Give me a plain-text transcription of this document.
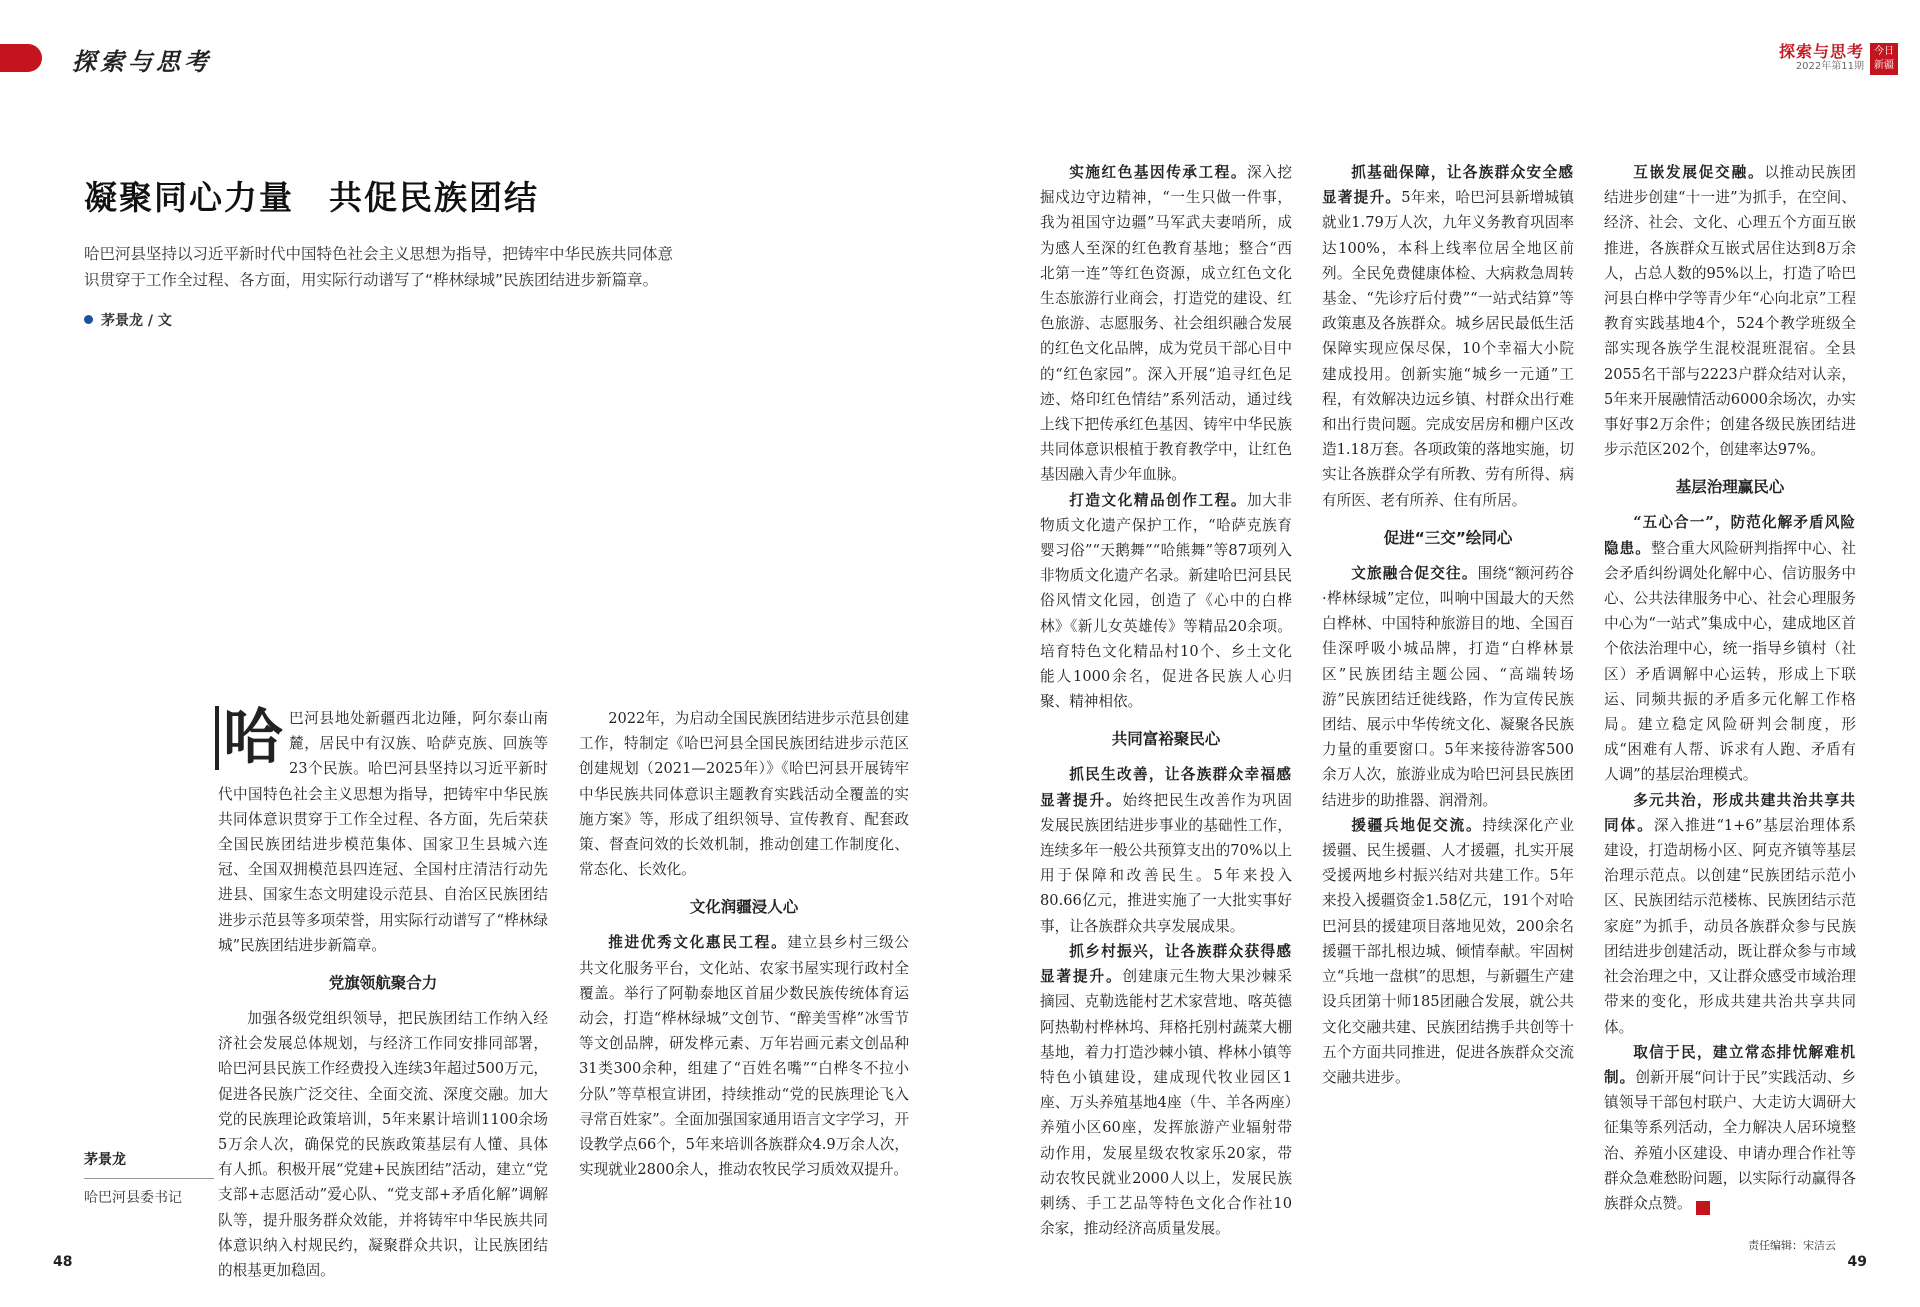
探索与思考	探索与思考
2022年第11期
今日新疆
凝聚同心力量　共促民族团结
哈巴河县坚持以习近平新时代中国特色社会主义思想为指导，把铸牢中华民族共同体意识贯穿于工作全过程、各方面，用实际行动谱写了“桦林绿城”民族团结进步新篇章。
茅景龙 / 文

哈 巴河县地处新疆西北边陲，阿尔泰山南麓，居民中有汉族、哈萨克族、回族等23个民族。哈巴河县坚持以习近平新时代中国特色社会主义思想为指导，把铸牢中华民族共同体意识贯穿于工作全过程、各方面，先后荣获全国民族团结进步模范集体、国家卫生县城六连冠、全国双拥模范县四连冠、全国村庄清洁行动先进县、国家生态文明建设示范县、自治区民族团结进步示范县等多项荣誉，用实际行动谱写了“桦林绿城”民族团结进步新篇章。

党旗领航聚合力

加强各级党组织领导，把民族团结工作纳入经济社会发展总体规划，与经济工作同安排同部署，哈巴河县民族工作经费投入连续3年超过500万元，促进各民族广泛交往、全面交流、深度交融。加大党的民族理论政策培训，5年来累计培训1100余场5万余人次，确保党的民族政策基层有人懂、具体有人抓。积极开展“党建+民族团结”活动，建立“党支部+志愿活动”爱心队、“党支部+矛盾化解”调解队等，提升服务群众效能，并将铸牢中华民族共同体意识纳入村规民约，凝聚群众共识，让民族团结的根基更加稳固。

2022年，为启动全国民族团结进步示范县创建工作，特制定《哈巴河县全国民族团结进步示范区创建规划（2021—2025年）》《哈巴河县开展铸牢中华民族共同体意识主题教育实践活动全覆盖的实施方案》等，形成了组织领导、宣传教育、配套政策、督查问效的长效机制，推动创建工作制度化、常态化、长效化。

文化润疆浸人心

推进优秀文化惠民工程。建立县乡村三级公共文化服务平台，文化站、农家书屋实现行政村全覆盖。举行了阿勒泰地区首届少数民族传统体育运动会，打造“桦林绿城”文创节、“醉美雪桦”冰雪节等文创品牌，研发桦元素、万年岩画元素文创品种31类300余种，组建了“百姓名嘴”“白桦冬不拉小分队”等草根宣讲团，持续推动“党的民族理论飞入寻常百姓家”。全面加强国家通用语言文字学习，开设教学点66个，5年来培训各族群众4.9万余人次，实现就业2800余人，推动农牧民学习质效双提升。

实施红色基因传承工程。深入挖掘戍边守边精神，“一生只做一件事，我为祖国守边疆”马军武夫妻哨所，成为感人至深的红色教育基地；整合“西北第一连”等红色资源，成立红色文化生态旅游行业商会，打造党的建设、红色旅游、志愿服务、社会组织融合发展的红色文化品牌，成为党员干部心目中的“红色家园”。深入开展“追寻红色足迹、烙印红色情结”系列活动，通过线上线下把传承红色基因、铸牢中华民族共同体意识根植于教育教学中，让红色基因融入青少年血脉。

打造文化精品创作工程。加大非物质文化遗产保护工作，“哈萨克族育婴习俗”“天鹅舞”“哈熊舞”等87项列入非物质文化遗产名录。新建哈巴河县民俗风情文化园，创造了《心中的白桦林》《新儿女英雄传》等精品20余项。培育特色文化精品村10个、乡土文化能人1000余名，促进各民族人心归聚、精神相依。

共同富裕聚民心

抓民生改善，让各族群众幸福感显著提升。始终把民生改善作为巩固发展民族团结进步事业的基础性工作，连续多年一般公共预算支出的70%以上用于保障和改善民生。5年来投入80.66亿元，推进实施了一大批实事好事，让各族群众共享发展成果。

抓乡村振兴，让各族群众获得感显著提升。创建康元生物大果沙棘采摘园、克勒选能村艺术家营地、喀英德阿热勒村桦林坞、拜格托别村蔬菜大棚基地，着力打造沙棘小镇、桦林小镇等特色小镇建设，建成现代牧业园区1座、万头养殖基地4座（牛、羊各两座）养殖小区60座，发挥旅游产业辐射带动作用，发展星级农牧家乐20家，带动农牧民就业2000人以上，发展民族刺绣、手工艺品等特色文化合作社10余家，推动经济高质量发展。

抓基础保障，让各族群众安全感显著提升。5年来，哈巴河县新增城镇就业1.79万人次，九年义务教育巩固率达100%，本科上线率位居全地区前列。全民免费健康体检、大病救急周转基金、“先诊疗后付费”“一站式结算”等政策惠及各族群众。城乡居民最低生活保障实现应保尽保，10个幸福大小院建成投用。创新实施“城乡一元通”工程，有效解决边远乡镇、村群众出行难和出行贵问题。完成安居房和棚户区改造1.18万套。各项政策的落地实施，切实让各族群众学有所教、劳有所得、病有所医、老有所养、住有所居。

促进“三交”绘同心

文旅融合促交往。围绕“额河药谷·桦林绿城”定位，叫响中国最大的天然白桦林、中国特种旅游目的地、全国百佳深呼吸小城品牌，打造“白桦林景区”民族团结主题公园、“高端转场游”民族团结迁徙线路，作为宣传民族团结、展示中华传统文化、凝聚各民族力量的重要窗口。5年来接待游客500余万人次，旅游业成为哈巴河县民族团结进步的助推器、润滑剂。

援疆兵地促交流。持续深化产业援疆、民生援疆、人才援疆，扎实开展受援两地乡村振兴结对共建工作。5年来投入援疆资金1.58亿元，191个对哈巴河县的援建项目落地见效，200余名援疆干部扎根边城、倾情奉献。牢固树立“兵地一盘棋”的思想，与新疆生产建设兵团第十师185团融合发展，就公共文化交融共建、民族团结携手共创等十五个方面共同推进，促进各族群众交流交融共进步。

互嵌发展促交融。以推动民族团结进步创建“十一进”为抓手，在空间、经济、社会、文化、心理五个方面互嵌推进，各族群众互嵌式居住达到8万余人，占总人数的95%以上，打造了哈巴河县白桦中学等青少年“心向北京”工程教育实践基地4个，524个教学班级全部实现各族学生混校混班混宿。全县2055名干部与2223户群众结对认亲，5年来开展融情活动6000余场次，办实事好事2万余件；创建各级民族团结进步示范区202个，创建率达97%。

基层治理赢民心

“五心合一”，防范化解矛盾风险隐患。整合重大风险研判指挥中心、社会矛盾纠纷调处化解中心、信访服务中心、公共法律服务中心、社会心理服务中心为“一站式”集成中心，建成地区首个依法治理中心，统一指导乡镇村（社区）矛盾调解中心运转，形成上下联运、同频共振的矛盾多元化解工作格局。建立稳定风险研判会制度，形成“困难有人帮、诉求有人跑、矛盾有人调”的基层治理模式。

多元共治，形成共建共治共享共同体。深入推进“1+6”基层治理体系建设，打造胡杨小区、阿克齐镇等基层治理示范点。以创建“民族团结示范小区、民族团结示范楼栋、民族团结示范家庭”为抓手，动员各族群众参与民族团结进步创建活动，既让群众参与市域社会治理之中，又让群众感受市域治理带来的变化，形成共建共治共享共同体。

取信于民，建立常态排忧解难机制。创新开展“问计于民”实践活动、乡镇领导干部包村联户、大走访大调研大征集等系列活动，全力解决人居环境整治、养殖小区建设、申请办理合作社等群众急难愁盼问题，以实际行动赢得各族群众点赞。	J

茅景龙
哈巴河县委书记
48
责任编辑：宋洁云
49
